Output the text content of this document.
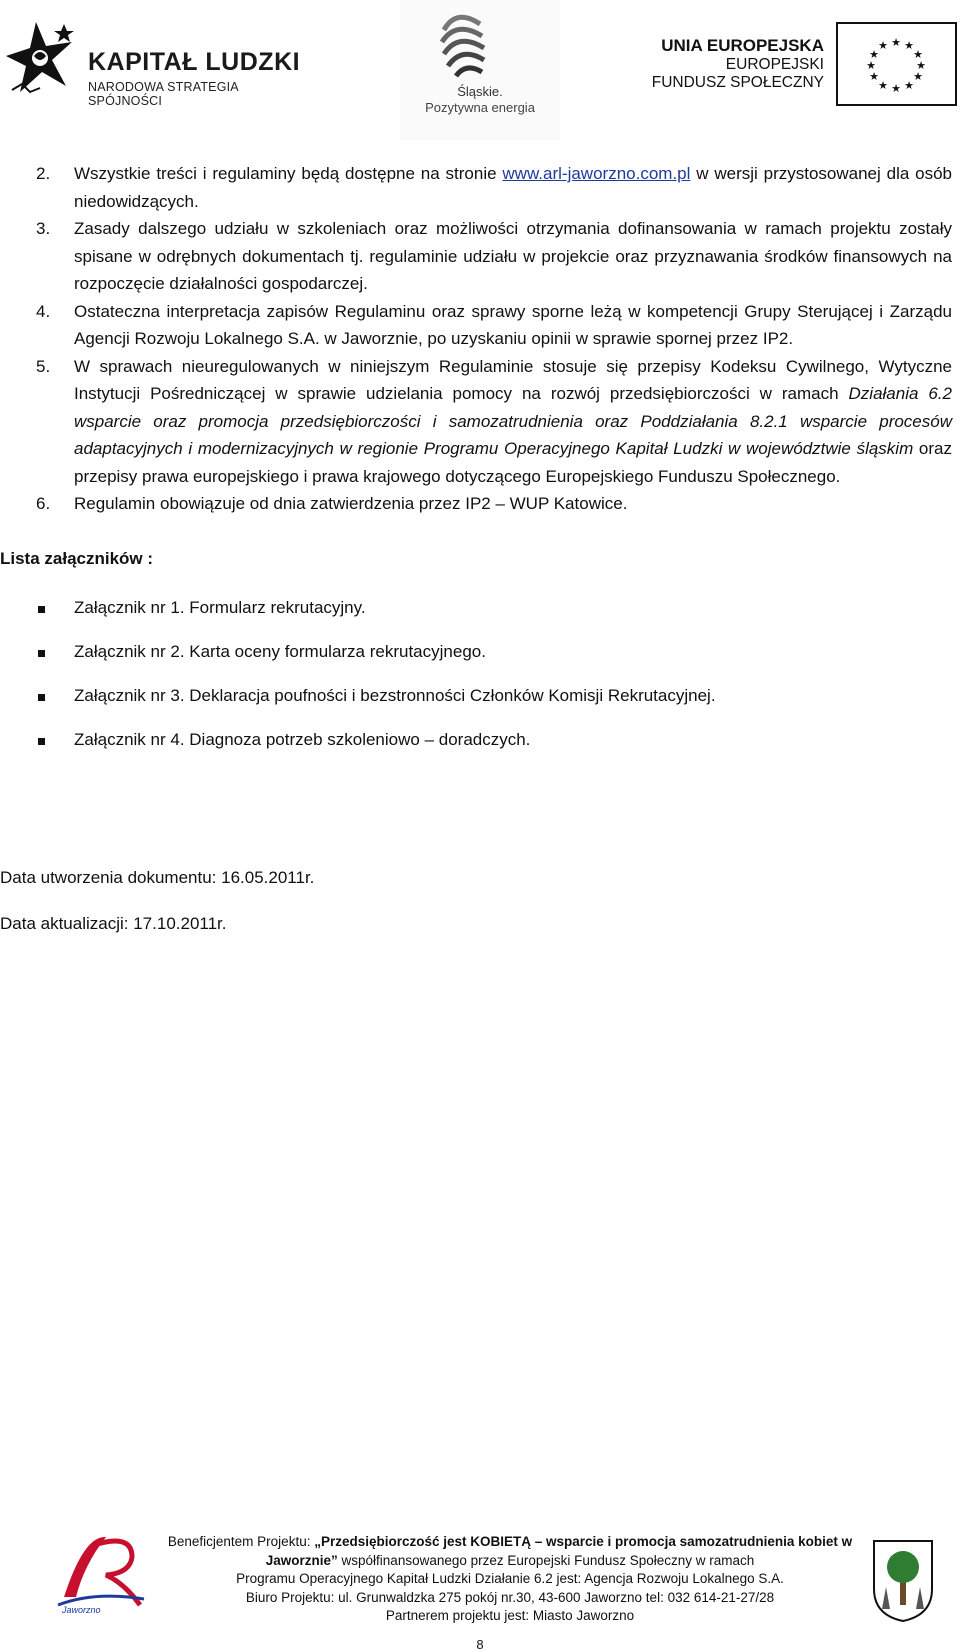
KAPITAŁ LUDZKI
NARODOWA STRATEGIA SPÓJNOŚCI
Śląskie.
Pozytywna energia
UNIA EUROPEJSKA
EUROPEJSKI
FUNDUSZ SPOŁECZNY
★ ★
★
★
★
★
★
★
★
★
★
★
2. Wszystkie treści i regulaminy będą dostępne na stronie www.arl-jaworzno.com.pl w wersji przystosowanej dla osób niedowidzących.
3. Zasady dalszego udziału w szkoleniach oraz możliwości otrzymania dofinansowania w ramach projektu zostały spisane w odrębnych dokumentach tj. regulaminie udziału w projekcie oraz przyznawania środków finansowych na rozpoczęcie działalności gospodarczej.
4. Ostateczna interpretacja zapisów Regulaminu oraz sprawy sporne leżą w kompetencji Grupy Sterującej i Zarządu Agencji Rozwoju Lokalnego S.A. w Jaworznie, po uzyskaniu opinii w sprawie spornej przez IP2.
5. W sprawach nieuregulowanych w niniejszym Regulaminie stosuje się przepisy Kodeksu Cywilnego, Wytyczne Instytucji Pośredniczącej w sprawie udzielania pomocy na rozwój przedsiębiorczości w ramach Działania 6.2 wsparcie oraz promocja przedsiębiorczości i samozatrudnienia oraz Poddziałania 8.2.1 wsparcie procesów adaptacyjnych i modernizacyjnych w regionie Programu Operacyjnego Kapitał Ludzki w województwie śląskim oraz przepisy prawa europejskiego i prawa krajowego dotyczącego Europejskiego Funduszu Społecznego.
6. Regulamin obowiązuje od dnia zatwierdzenia przez IP2 – WUP Katowice.
Lista załączników :
Załącznik nr 1. Formularz rekrutacyjny.
Załącznik nr 2. Karta oceny formularza rekrutacyjnego.
Załącznik nr 3. Deklaracja poufności i bezstronności Członków Komisji Rekrutacyjnej.
Załącznik nr 4. Diagnoza potrzeb szkoleniowo – doradczych.
Data utworzenia dokumentu: 16.05.2011r.
Data aktualizacji: 17.10.2011r.
Jaworzno
Beneficjentem Projektu: „Przedsiębiorczość jest KOBIETĄ – wsparcie i promocja samozatrudnienia kobiet w Jaworznie” współfinansowanego przez Europejski Fundusz Społeczny w ramach
Programu Operacyjnego Kapitał Ludzki Działanie 6.2 jest: Agencja Rozwoju Lokalnego S.A.
Biuro Projektu: ul. Grunwaldzka 275 pokój nr.30, 43-600 Jaworzno tel: 032 614-21-27/28
Partnerem projektu jest: Miasto Jaworzno
8
